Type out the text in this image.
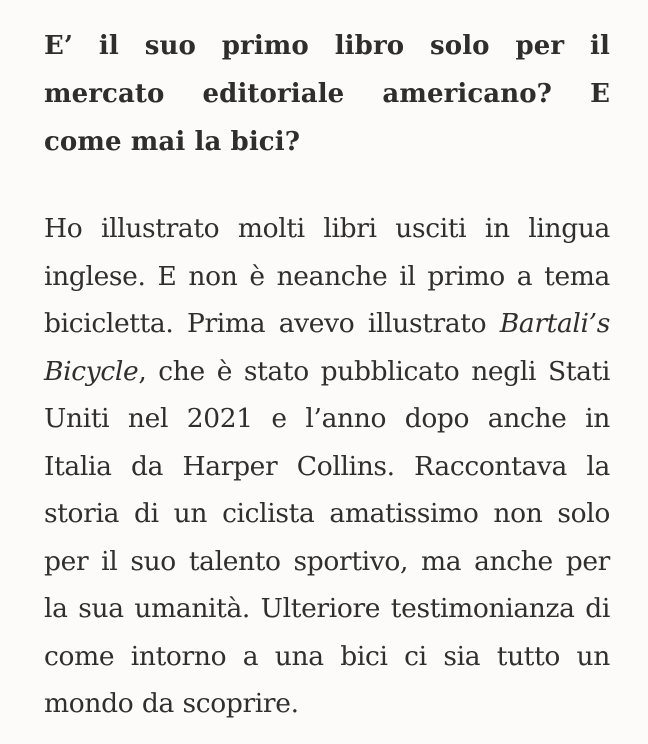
E’ il suo primo libro solo per il mercato editoriale americano? E come mai la bici?

Ho illustrato molti libri usciti in lingua inglese. E non è neanche il primo a tema bicicletta. Prima avevo illustrato Bartali’s Bicycle, che è stato pubblicato negli Stati Uniti nel 2021 e l’anno dopo anche in Italia da Harper Collins. Raccontava la storia di un ciclista amatissimo non solo per il suo talento sportivo, ma anche per la sua umanità. Ulteriore testimonianza di come intorno a una bici ci sia tutto un mondo da scoprire.
